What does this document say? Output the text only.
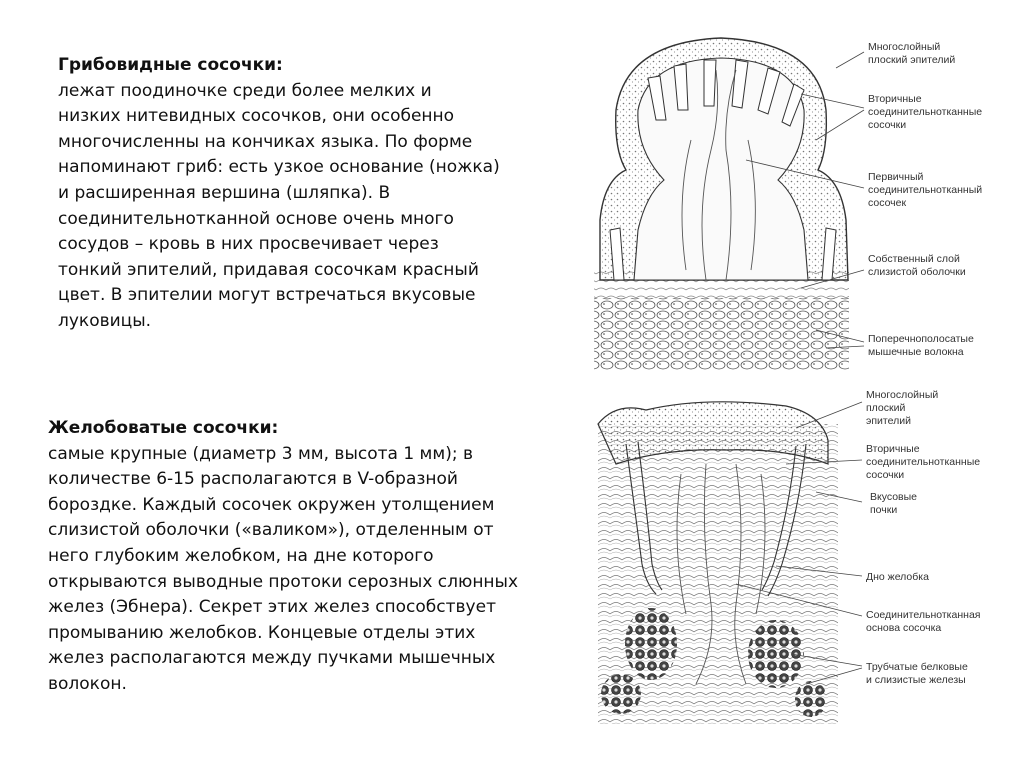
Грибовидные сосочки:
лежат поодиночке среди более мелких и
низких нитевидных сосочков, они особенно
многочисленны на кончиках языка. По форме
напоминают гриб: есть узкое основание (ножка)
и расширенная вершина (шляпка). В
соединительнотканной основе очень много
сосудов – кровь в них просвечивает через
тонкий эпителий, придавая сосочкам красный
цвет. В эпителии могут встречаться вкусовые
луковицы.
Желобоватые сосочки:
самые крупные (диаметр 3 мм, высота 1 мм); в
количестве 6-15 располагаются в V-образной
бороздке. Каждый сосочек окружен утолщением
слизистой оболочки («валиком»), отделенным от
него глубоким желобком, на дне которого
открываются выводные протоки серозных слюнных
желез (Эбнера). Секрет этих желез способствует
промыванию желобков. Концевые отделы этих
желез располагаются между пучками мышечных
волокон.
Многослойный плоский эпителий
Вторичные соединительнотканные сосочки
Первичный соединительнотканный сосочек
Собственный слой слизистой оболочки
Поперечнополосатые мышечные волокна
Многослойный плоский эпителий
Вторичные соединительнотканные сосочки
Вкусовые почки
Дно желобка
Соединительнотканная основа сосочка
Трубчатые белковые и слизистые железы
